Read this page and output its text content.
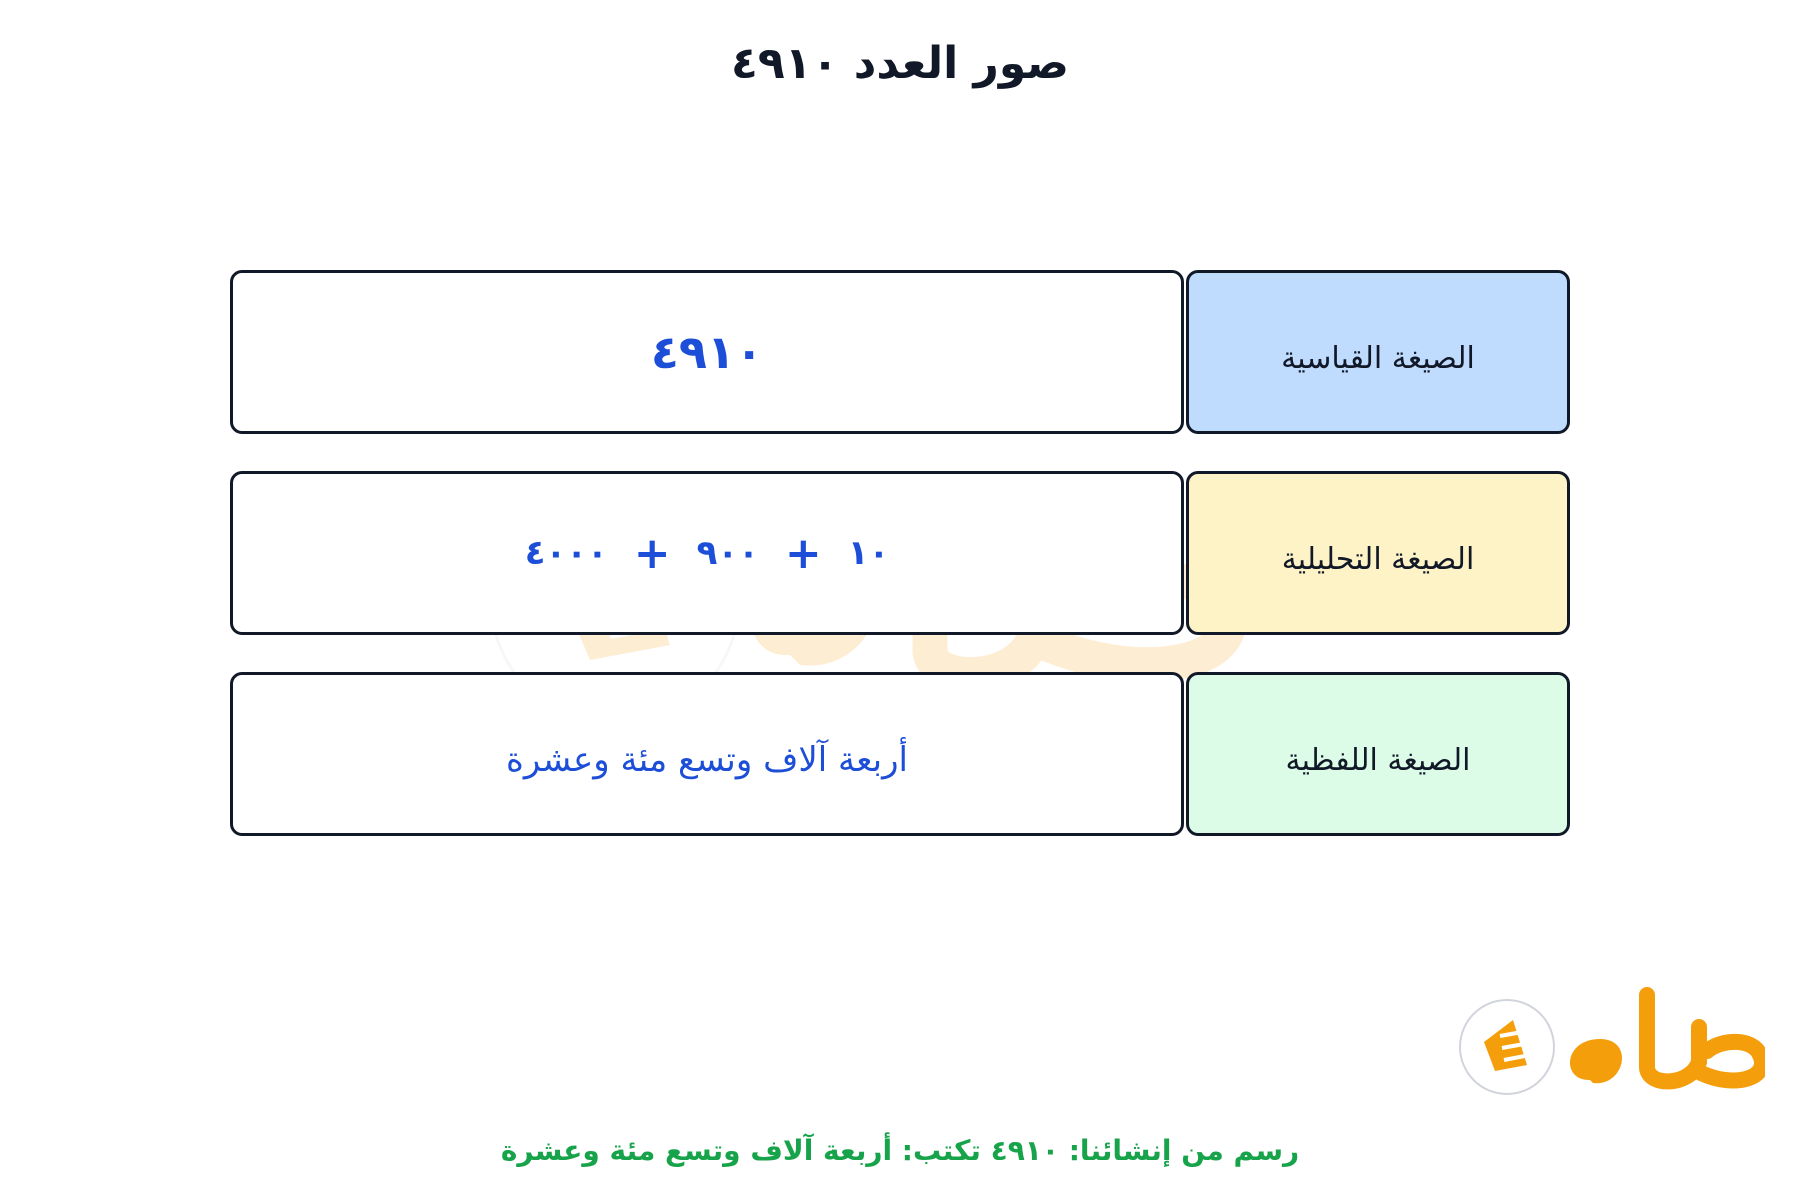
صور العدد ٤٩١٠
٤٩١٠	الصيغة القياسية
٤٠٠٠ + ٩٠٠ + ١٠	الصيغة التحليلية
أربعة آلاف وتسع مئة وعشرة	الصيغة اللفظية
رسم من إنشائنا: ٤٩١٠ تكتب: أربعة آلاف وتسع مئة وعشرة
